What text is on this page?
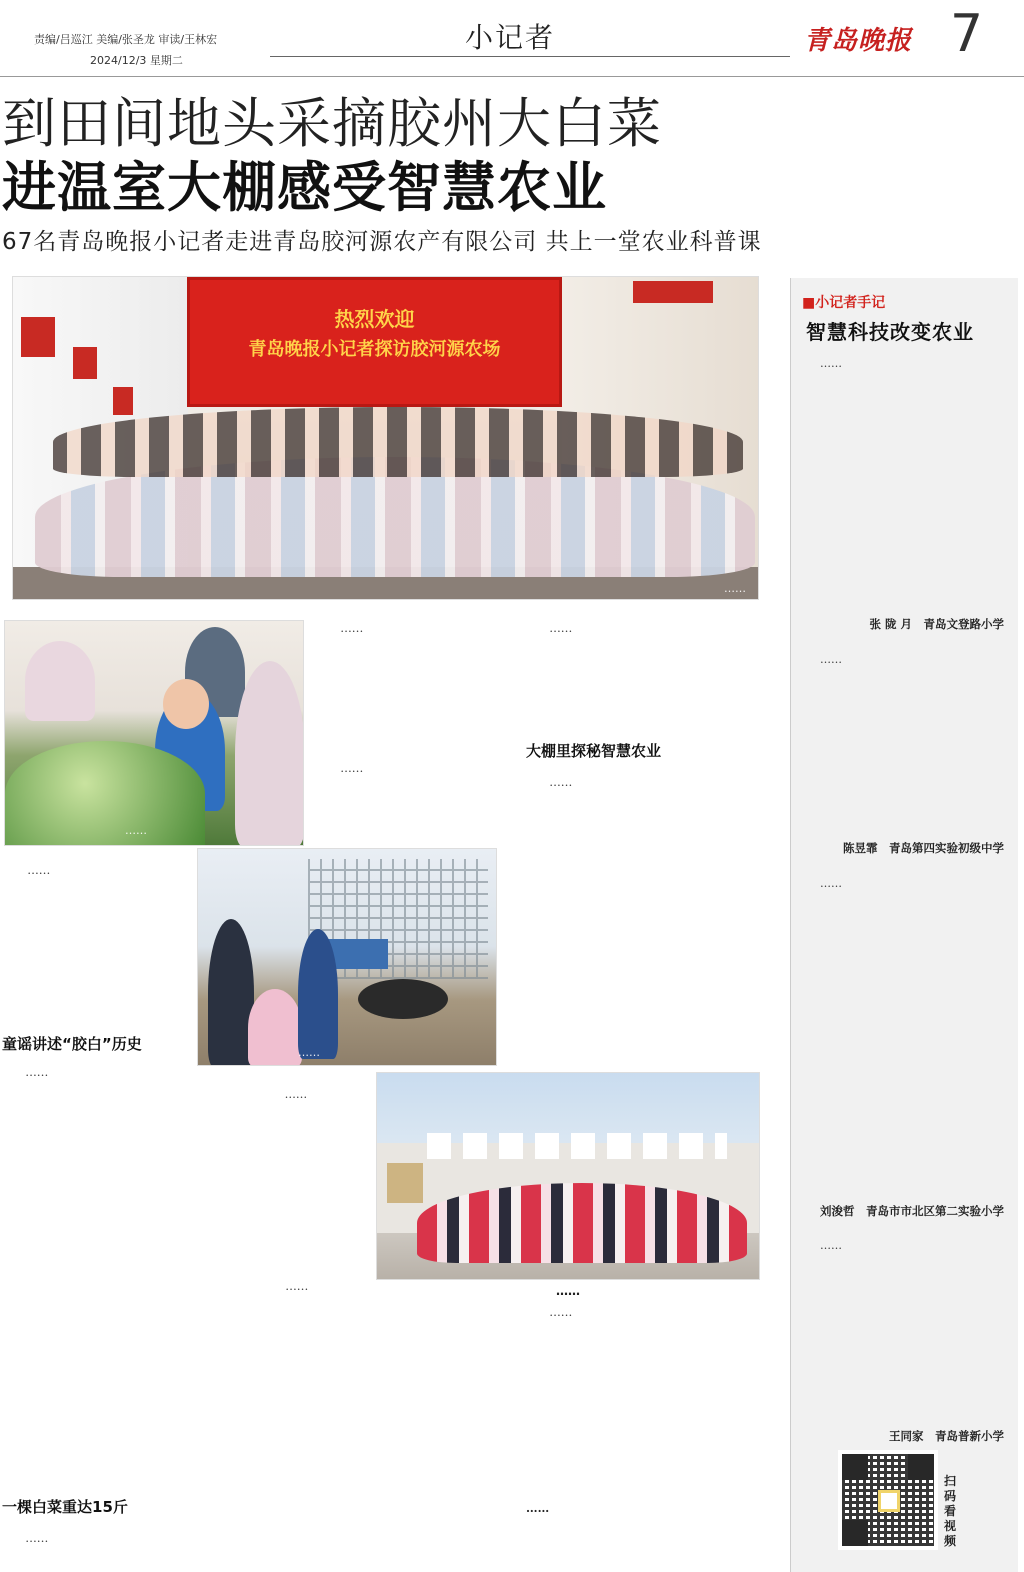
责编/吕巡江 美编/张圣龙 审读/王林宏
2024/12/3 星期二
小记者	青岛晚报 7
到田间地头采摘胶州大白菜
进温室大棚感受智慧农业
67名青岛晚报小记者走进青岛胶河源农产有限公司 共上一堂农业科普课
热烈欢迎
青岛晚报小记者探访胶河源农场
……
……

……

……

……

大棚里探秘智慧农业

……

……

童谣讲述“胶白”历史

……

一棵白菜重达15斤

……

……

……

……	……

……

……

■小记者手记
智慧科技改变农业

……

张 陇 月　青岛文登路小学

……

陈昱霏　青岛第四实验初级中学

……

刘浚哲　青岛市市北区第二实验小学

……

王同家　青岛普新小学
扫码看视频
